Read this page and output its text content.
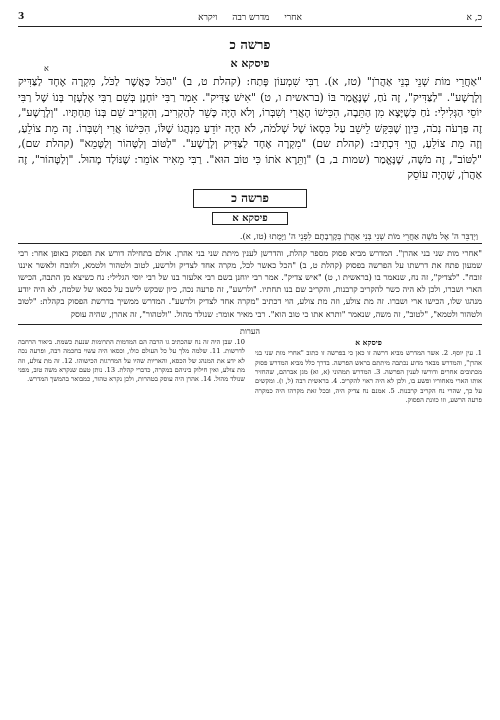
3	אחרי מדרש רבה ויקרא	כ, א
פרשה כ
פיסקא א
א
"אַחֲרֵי מוֹת שְׁנֵי בְּנֵי אַהֲרֹן" (טז, א). רַבִּי שִׁמְעוֹן פָּתַח: (קהלת ט, ב) "הַכֹּל כַּאֲשֶׁר לַכֹּל, מִקְרֶה אֶחָד לַצַּדִּיק וְלָרָשָׁע". "לַצַּדִּיק", זֶה נֹחַ, שֶׁנֶּאֱמַר בּוֹ (בראשית ו, ט) "אִישׁ צַדִּיק". אָמַר רַבִּי יוֹחָנָן בְּשֵׁם רַבִּי אֶלְעָזָר בְּנוֹ שֶׁל רַבִּי יוֹסֵי הַגְּלִילִי: נֹחַ כְּשֶׁיָּצָא מִן הַתֵּבָה, הִכִּישׁוֹ הָאֲרִי וְשִׁבְּרוֹ, וְלֹא הָיָה כָּשֵׁר לְהַקְרִיב, וְהִקְרִיב שֵׁם בְּנוֹ תַּחְתָּיו. "וְלָרָשָׁע", זֶה פַּרְעֹה נְכֹה, כֵּיוָן שֶׁבִּקֵּשׁ לֵישֵׁב עַל כִּסְאוֹ שֶׁל שְׁלֹמֹה, לֹא הָיָה יוֹדֵעַ מִנְהֲגוֹ שֶׁלּוֹ, הִכִּישׁוֹ אֲרִי וְשִׁבְּרוֹ. זֶה מֵת צוֹלֵעַ, וְזֶה מֵת צוֹלֵעַ, הֱוֵי דִּכְתִיב: (קהלת שם) "מִקְרֶה אֶחָד לַצַּדִּיק וְלָרָשָׁע". "לַטּוֹב וְלַטָּהוֹר וְלַטָּמֵא" (קהלת שם), "לַטּוֹב", זֶה מֹשֶׁה, שֶׁנֶּאֱמַר (שמות ב, ב) "וַתֵּרֶא אֹתוֹ כִּי טוֹב הוּא". רַבִּי מֵאִיר אוֹמֵר: שֶׁנּוֹלַד מָהוּל. "וְלַטָּהוֹר", זֶה אַהֲרֹן, שֶׁהָיָה עוֹסֵק
פרשה כ
פיסקא א
וַיְדַבֵּר ה' אֶל מֹשֶׁה אַחֲרֵי מוֹת שְׁנֵי בְּנֵי אַהֲרֹן בְּקָרְבָתָם לִפְנֵי ה' וַיָּמֻתוּ (טז, א).
"אחרי מות שני בני אהרן". המדרש מביא פסוק מספר קהלת, והדרשן לענין מיתת שני בני אהרן. אולם בתחילה דורש את הפסוק באופן אחר: רבי שמעון פתח את דרשתו על הפרשה בפסוק (קהלת ט, ב) "הכל כאשר לכל, מקרה אחד לצדיק ולרשע, לטוב ולטהור ולטמא, ולזובח ולאשר איננו זובח". "לצדיק", זה נח, שנאמר בו (בראשית ו, ט) "איש צדיק". אמר רבי יוחנן בשם רבי אלעזר בנו של רבי יוסי הגלילי: נח כשיצא מן התבה, הכישו הארי ושברו, ולכן לא היה כשר להקריב קרבנות, והקריב שם בנו תחתיו. "ולרשע", זה פרעה נכה, כיון שבקש לישב על כסאו של שלמה, לא היה יודע מנהגו שלו, הכישו ארי ושברו. זה מת צולע, וזה מת צולע, הוי דכתיב "מקרה אחד לצדיק ולרשע". המדרש ממשיך בדרשת הפסוק בקהלת: "לטוב ולטהור ולטמא", "לטוב", זה משה, שנאמר "ותרא אתו כי טוב הוא". רבי מאיר אומר: שנולד מהול. "ולטהור", זה אהרן, שהיה עוסק
הערות
פיסקא א
1. עין יוסף. 2. אשר המדרש מביא דרשה זו כאן כי בפרשה זו כתוב "אחרי מות שני בני אהרן", והמדרש מבאר מדוע נכתבה מיתתם בראש הפרשה. בדרך כלל מביא המדרש פסוק מכתובים אחרים ודורשו לענין הפרשה. 3. המדרש תמהוני (א, וא) מגן אברהם, שהחזיר אותו הארי מאחוריו ופשע בו, ולכן לא היה ראוי להקריב. 4. בראשית רבה (ל, ו). ומקשים על כך, שהרי נח הקריב קרבנות. 5. אמנם נח צדיק היה, ובכל זאת מקרהו היה כמקרה פרעה הרשע, וזו כוונת הפסוק.
10. שבן היה זה נח שהכתיב גו הרבה הם המדמות התרומות שנעת כשמת. ביאור הרחבה לדרשות. 11. שלמה מלך על כל העולם כולו, וכסאו היה עשוי בחכמה רבה, ופרעה נכה לא ידע את המנהג של הכסא, והאריות שהיו על המדרגות הכישוהו. 12. זה מת צולע, וזה מת צולע, ואין חילוק ביניהם במקרה, כדברי קהלת. 13. נותן טעם שנקרא משה טוב, מפני שנולד מהול. 14. אהרן היה עוסק בטהרות, ולכן נקרא טהור, כמבואר בהמשך המדרש.
